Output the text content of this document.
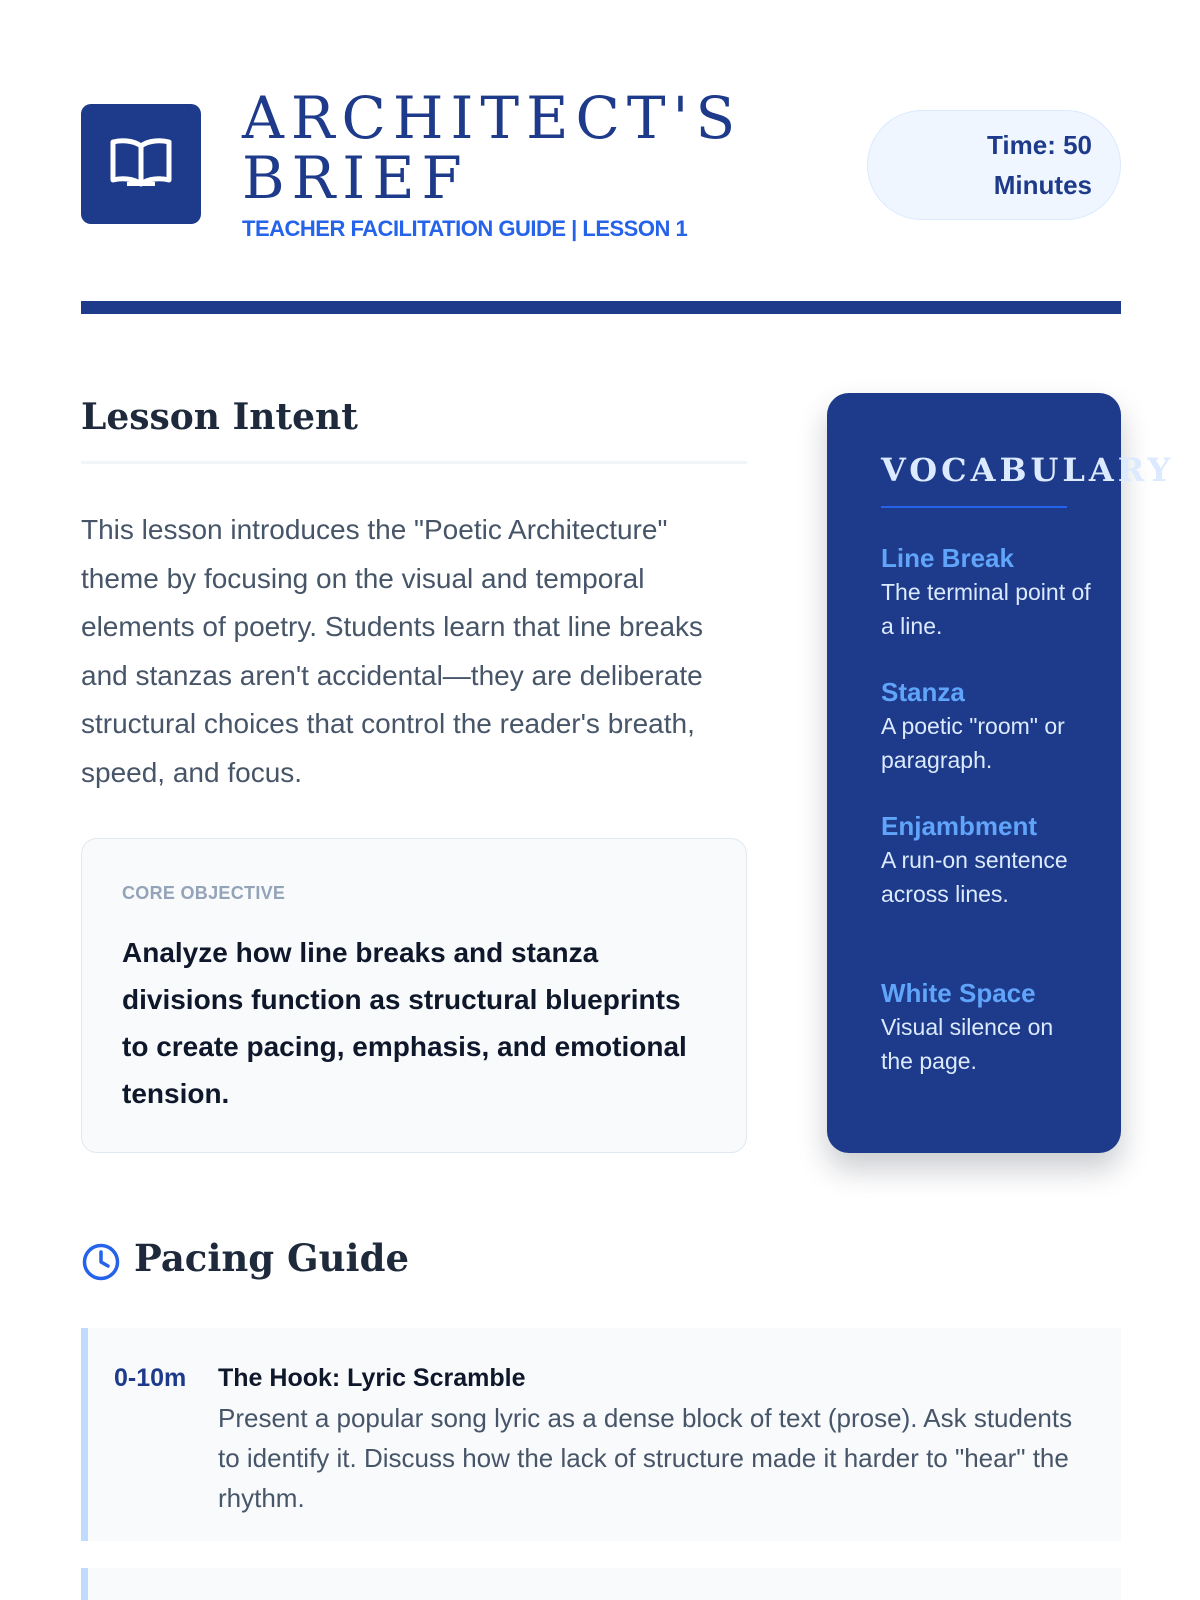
ARCHITECT'S BRIEF
TEACHER FACILITATION GUIDE | LESSON 1
Time: 50 Minutes
Lesson Intent

This lesson introduces the "Poetic Architecture" theme by focusing on the visual and temporal elements of poetry. Students learn that line breaks and stanzas aren't accidental—they are deliberate structural choices that control the reader's breath, speed, and focus.

CORE OBJECTIVE
Analyze how line breaks and stanza divisions function as structural blueprints to create pacing, emphasis, and emotional tension.
VOCABULARY
Line Break
The terminal point of a line.
Stanza
A poetic "room" or paragraph.
Enjambment
A run-on sentence across lines.
White Space
Visual silence on the page.
Pacing Guide
0-10m	The Hook: Lyric Scramble
Present a popular song lyric as a dense block of text (prose). Ask students to identify it. Discuss how the lack of structure made it harder to "hear" the rhythm.
